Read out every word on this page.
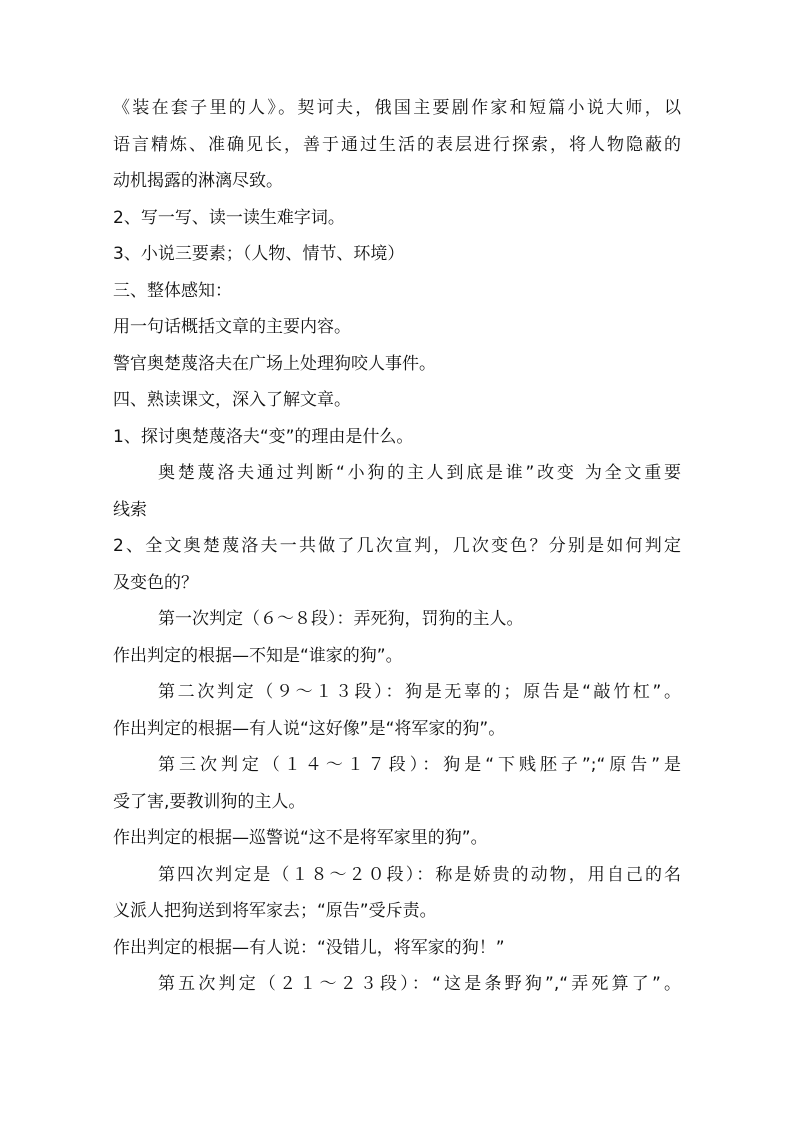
《装在套子里的人》。契诃夫，俄国主要剧作家和短篇小说大师，以

语言精炼、准确见长，善于通过生活的表层进行探索，将人物隐蔽的

动机揭露的淋漓尽致。

2、写一写、读一读生难字词。

3、小说三要素；（人物、情节、环境）

三、整体感知：

用一句话概括文章的主要内容。

警官奥楚蔑洛夫在广场上处理狗咬人事件。

四、熟读课文，深入了解文章。

1、探讨奥楚蔑洛夫“变”的理由是什么。

奥楚蔑洛夫通过判断“小狗的主人到底是谁”改变 为全文重要

线索

2、全文奥楚蔑洛夫一共做了几次宣判，几次变色？分别是如何判定

及变色的？

第一次判定（６～８段）：弄死狗，罚狗的主人。

作出判定的根据—不知是“谁家的狗”。

第二次判定（９～１３段）：狗是无辜的；原告是“敲竹杠”。

作出判定的根据—有人说“这好像”是“将军家的狗”。

第三次判定（１４～１７段）：狗是“下贱胚子”;“原告”是

受了害,要教训狗的主人。

作出判定的根据—巡警说“这不是将军家里的狗”。

第四次判定是（１８～２０段）：称是娇贵的动物，用自己的名

义派人把狗送到将军家去；“原告”受斥责。

作出判定的根据—有人说：“没错儿，将军家的狗！”

第五次判定（２１～２３段）：“这是条野狗”,“弄死算了”。
